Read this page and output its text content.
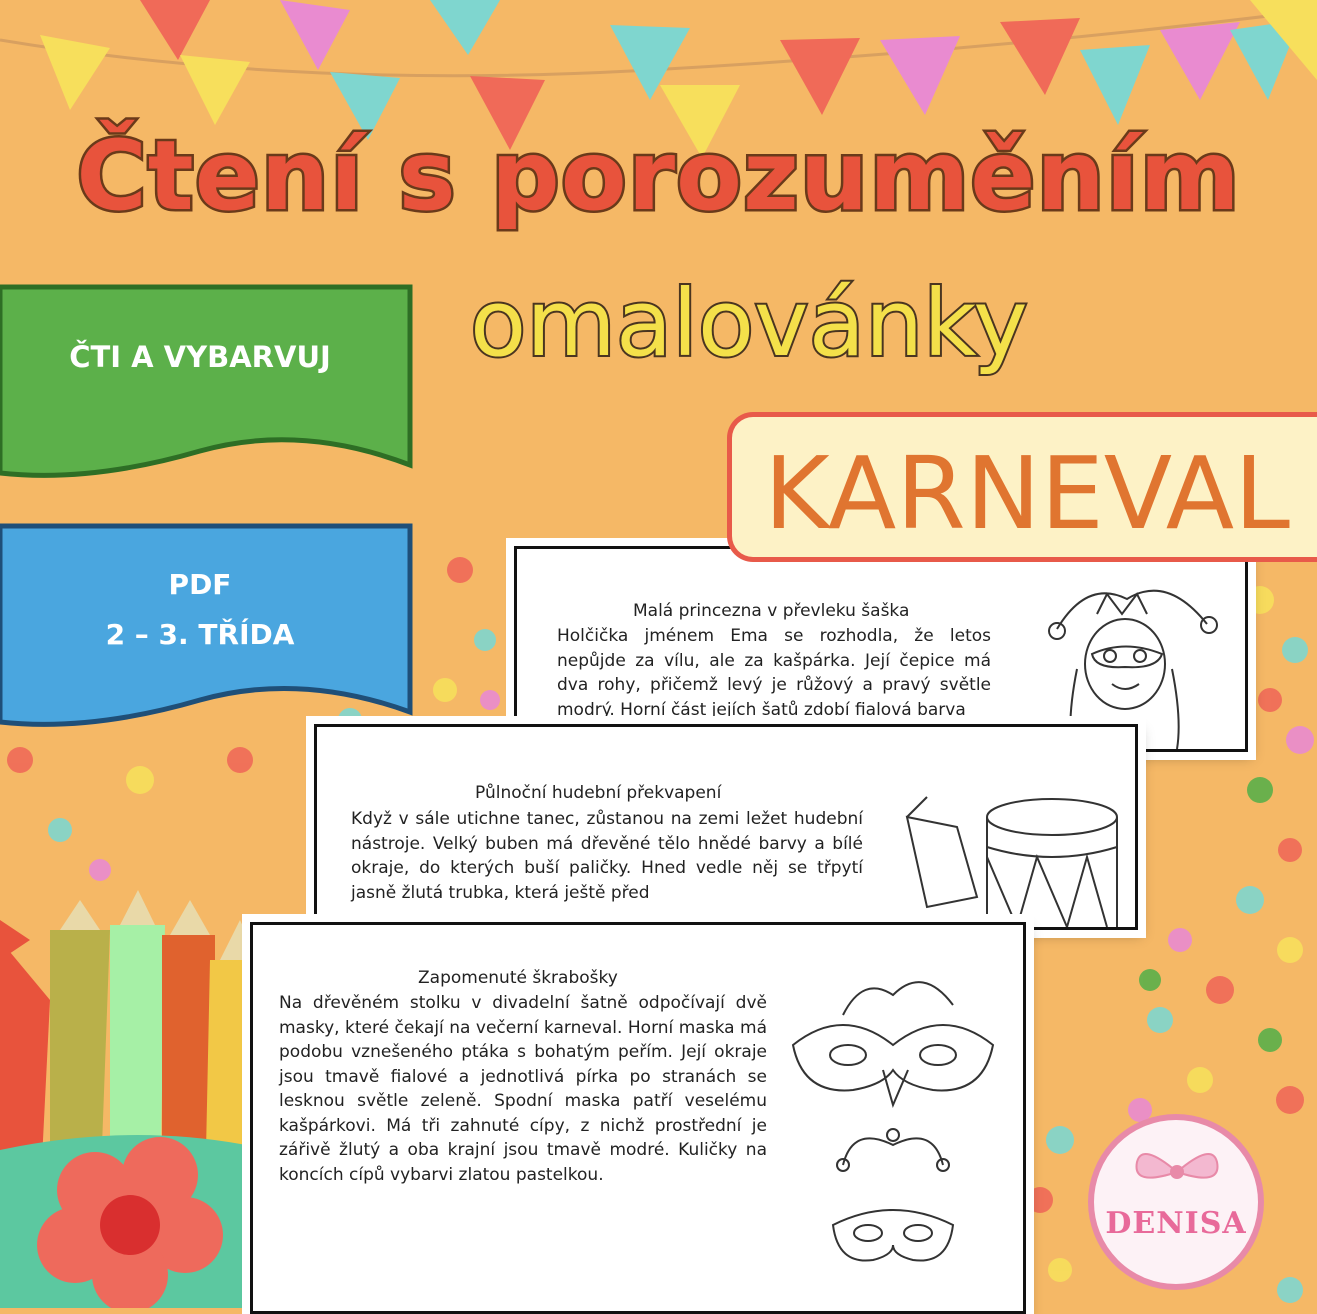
Čtení s porozuměním
omalovánky
ČTI A VYBARVUJ
PDF
2 – 3. TŘÍDA
Malá princezna v převleku šaška
Holčička jménem Ema se rozhodla, že letos nepůjde za vílu, ale za kašpárka. Její čepice má dva rohy, přičemž levý je růžový a pravý světle modrý. Horní část jejích šatů zdobí fialová barva
Půlnoční hudební překvapení
Když v sále utichne tanec, zůstanou na zemi ležet hudební nástroje. Velký buben má dřevěné tělo hnědé barvy a bílé okraje, do kterých buší paličky. Hned vedle něj se třpytí jasně žlutá trubka, která ještě před
Zapomenuté škrabošky
Na dřevěném stolku v divadelní šatně odpočívají dvě masky, které čekají na večerní karneval. Horní maska má podobu vznešeného ptáka s bohatým peřím. Její okraje jsou tmavě fialové a jednotlivá pírka po stranách se lesknou světle zeleně. Spodní maska patří veselému kašpárkovi. Má tři zahnuté cípy, z nichž prostřední je zářivě žlutý a oba krajní jsou tmavě modré. Kuličky na koncích cípů vybarvi zlatou pastelkou.
KARNEVAL
DENISA
